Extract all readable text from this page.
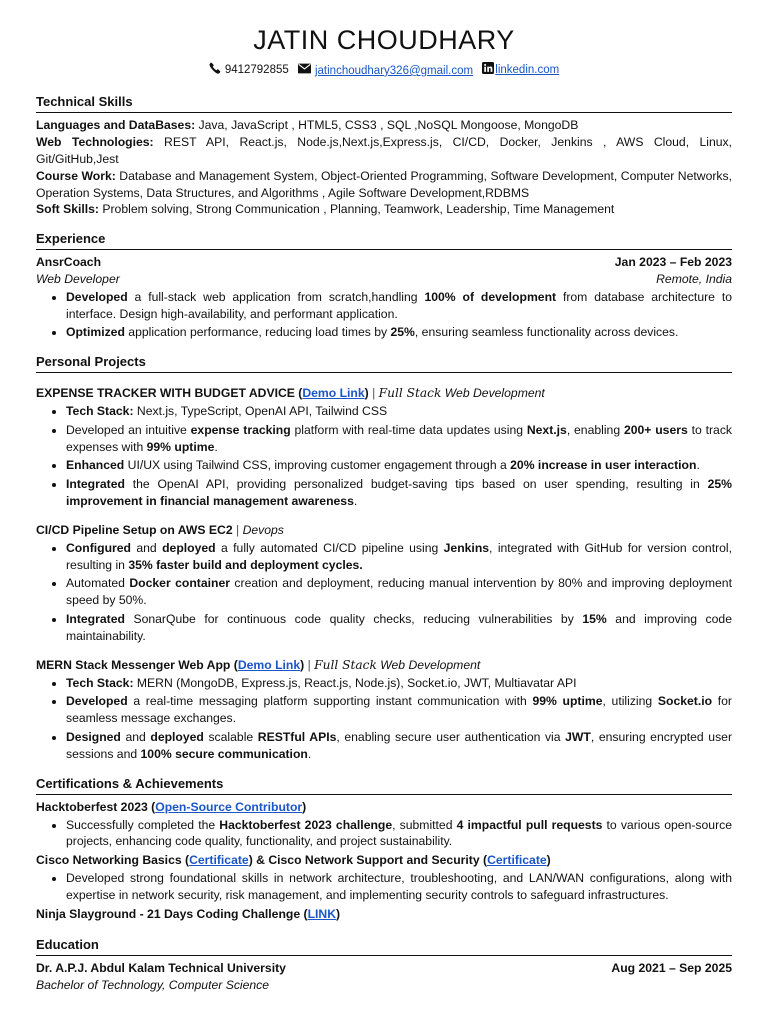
JATIN CHOUDHARY
9412792855
jatinchoudhary326@gmail.com
linkedin.com
Technical Skills

Languages and DataBases: Java, JavaScript , HTML5, CSS3 , SQL ,NoSQL Mongoose, MongoDB

Web Technologies: REST API, React.js, Node.js,Next.js,Express.js, CI/CD, Docker, Jenkins , AWS Cloud, Linux, Git/GitHub,Jest

Course Work: Database and Management System, Object-Oriented Programming, Software Development, Computer Networks, Operation Systems, Data Structures, and Algorithms , Agile Software Development,RDBMS

Soft Skills: Problem solving, Strong Communication , Planning, Teamwork, Leadership, Time Management

Experience
AnsrCoach	Jan 2023 – Feb 2023
Web Developer	Remote, India
• Developed a full-stack web application from scratch,handling 100% of development from database architecture to interface. Design high-availability, and performant application.
• Optimized application performance, reducing load times by 25%, ensuring seamless functionality across devices.
Personal Projects
EXPENSE TRACKER WITH BUDGET ADVICE (Demo Link) | Full Stack Web Development
• Tech Stack: Next.js, TypeScript, OpenAI API, Tailwind CSS
• Developed an intuitive expense tracking platform with real-time data updates using Next.js, enabling 200+ users to track expenses with 99% uptime.
• Enhanced UI/UX using Tailwind CSS, improving customer engagement through a 20% increase in user interaction.
• Integrated the OpenAI API, providing personalized budget-saving tips based on user spending, resulting in 25% improvement in financial management awareness.
CI/CD Pipeline Setup on AWS EC2 | Devops
• Configured and deployed a fully automated CI/CD pipeline using Jenkins, integrated with GitHub for version control, resulting in 35% faster build and deployment cycles.
• Automated Docker container creation and deployment, reducing manual intervention by 80% and improving deployment speed by 50%.
• Integrated SonarQube for continuous code quality checks, reducing vulnerabilities by 15% and improving code maintainability.
MERN Stack Messenger Web App (Demo Link) | Full Stack Web Development
• Tech Stack: MERN (MongoDB, Express.js, React.js, Node.js), Socket.io, JWT, Multiavatar API
• Developed a real-time messaging platform supporting instant communication with 99% uptime, utilizing Socket.io for seamless message exchanges.
• Designed and deployed scalable RESTful APIs, enabling secure user authentication via JWT, ensuring encrypted user sessions and 100% secure communication.
Certifications & Achievements
Hacktoberfest 2023 (Open-Source Contributor)
• Successfully completed the Hacktoberfest 2023 challenge, submitted 4 impactful pull requests to various open-source projects, enhancing code quality, functionality, and project sustainability.
Cisco Networking Basics (Certificate) & Cisco Network Support and Security (Certificate)
• Developed strong foundational skills in network architecture, troubleshooting, and LAN/WAN configurations, along with expertise in network security, risk management, and implementing security controls to safeguard infrastructures.
Ninja Slayground - 21 Days Coding Challenge (LINK)
Education
Dr. A.P.J. Abdul Kalam Technical University	Aug 2021 – Sep 2025
Bachelor of Technology, Computer Science
